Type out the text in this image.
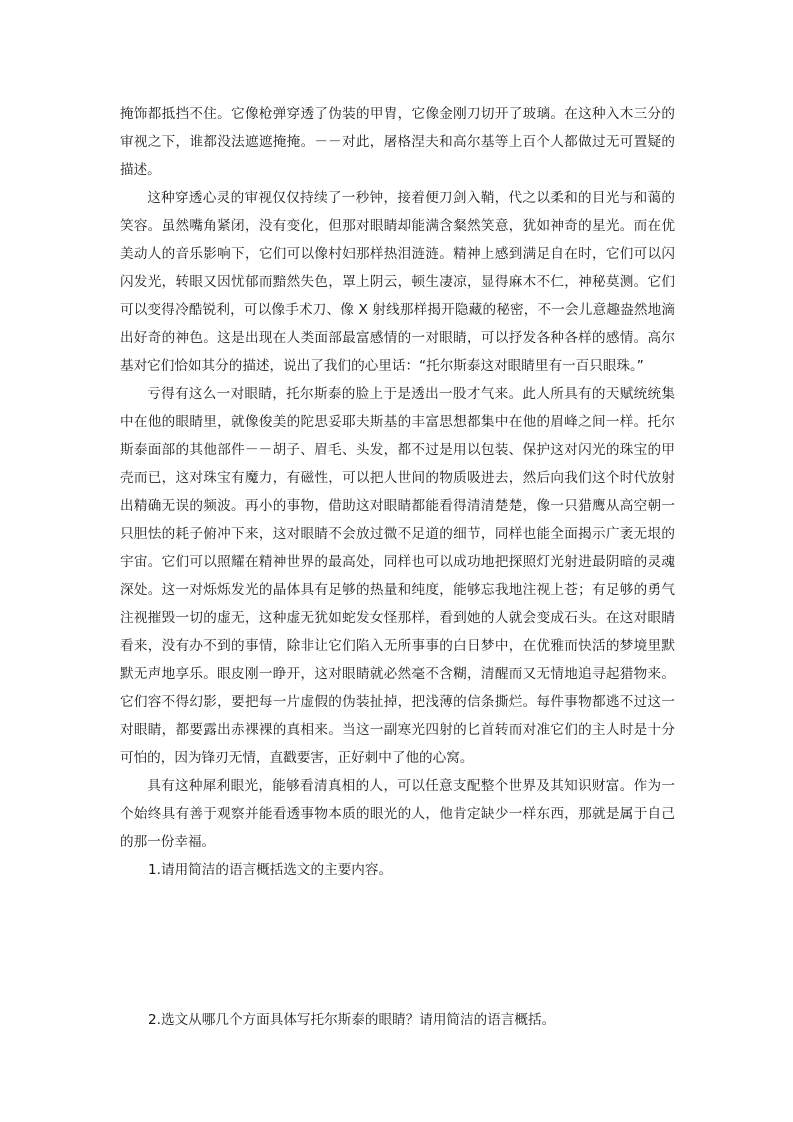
掩饰都抵挡不住。它像枪弹穿透了伪装的甲胄，它像金刚刀切开了玻璃。在这种入木三分的审视之下，谁都没法遮遮掩掩。－－对此，屠格涅夫和高尔基等上百个人都做过无可置疑的描述。

这种穿透心灵的审视仅仅持续了一秒钟，接着便刀剑入鞘，代之以柔和的目光与和蔼的笑容。虽然嘴角紧闭，没有变化，但那对眼睛却能满含粲然笑意，犹如神奇的星光。而在优美动人的音乐影响下，它们可以像村妇那样热泪涟涟。精神上感到满足自在时，它们可以闪闪发光，转眼又因忧郁而黯然失色，罩上阴云，顿生凄凉，显得麻木不仁，神秘莫测。它们可以变得冷酷锐利，可以像手术刀、像 X 射线那样揭开隐藏的秘密，不一会儿意趣盎然地滴出好奇的神色。这是出现在人类面部最富感情的一对眼睛，可以抒发各种各样的感情。高尔基对它们恰如其分的描述，说出了我们的心里话：“托尔斯泰这对眼睛里有一百只眼珠。”

亏得有这么一对眼睛，托尔斯泰的脸上于是透出一股才气来。此人所具有的天赋统统集中在他的眼睛里，就像俊美的陀思妥耶夫斯基的丰富思想都集中在他的眉峰之间一样。托尔斯泰面部的其他部件－－胡子、眉毛、头发，都不过是用以包装、保护这对闪光的珠宝的甲壳而已，这对珠宝有魔力，有磁性，可以把人世间的物质吸进去，然后向我们这个时代放射出精确无误的频波。再小的事物，借助这对眼睛都能看得清清楚楚，像一只猎鹰从高空朝一只胆怯的耗子俯冲下来，这对眼睛不会放过微不足道的细节，同样也能全面揭示广袤无垠的宇宙。它们可以照耀在精神世界的最高处，同样也可以成功地把探照灯光射进最阴暗的灵魂深处。这一对烁烁发光的晶体具有足够的热量和纯度，能够忘我地注视上苍；有足够的勇气注视摧毁一切的虚无，这种虚无犹如蛇发女怪那样，看到她的人就会变成石头。在这对眼睛看来，没有办不到的事情，除非让它们陷入无所事事的白日梦中，在优雅而快活的梦境里默默无声地享乐。眼皮刚一睁开，这对眼睛就必然毫不含糊，清醒而又无情地追寻起猎物来。它们容不得幻影，要把每一片虚假的伪装扯掉，把浅薄的信条撕烂。每件事物都逃不过这一对眼睛，都要露出赤裸裸的真相来。当这一副寒光四射的匕首转而对准它们的主人时是十分可怕的，因为锋刃无情，直戳要害，正好刺中了他的心窝。

具有这种犀利眼光，能够看清真相的人，可以任意支配整个世界及其知识财富。作为一个始终具有善于观察并能看透事物本质的眼光的人，他肯定缺少一样东西，那就是属于自己的那一份幸福。

1.请用简洁的语言概括选文的主要内容。

2.选文从哪几个方面具体写托尔斯泰的眼睛？请用简洁的语言概括。
